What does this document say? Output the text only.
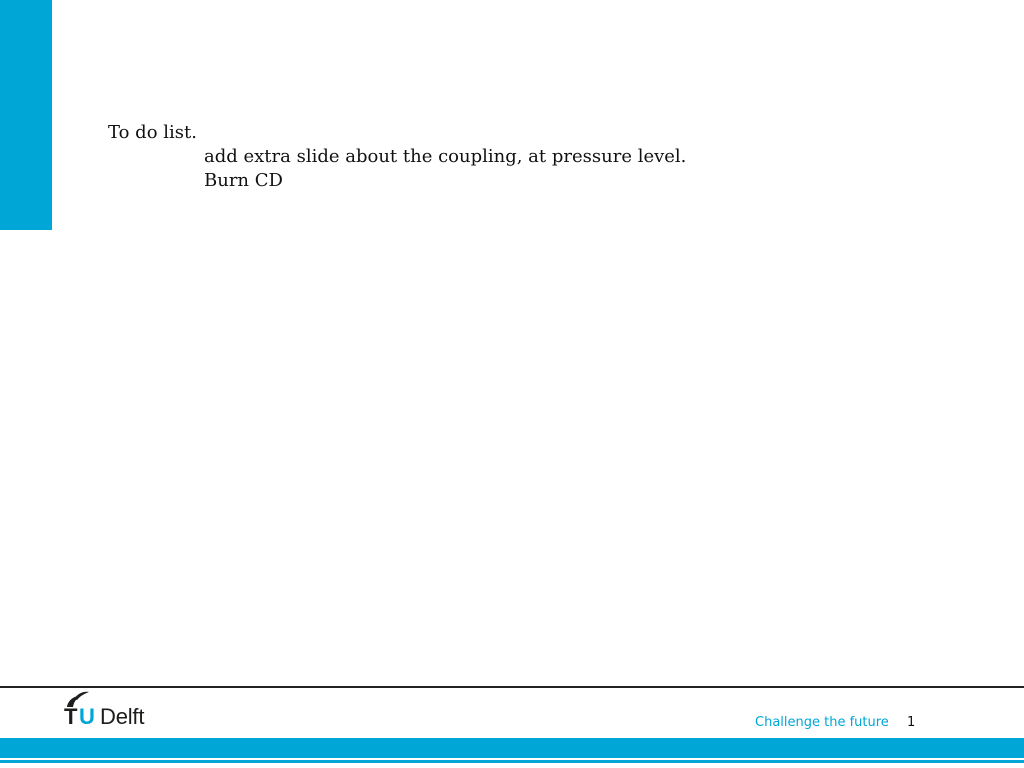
To do list.
add extra slide about the coupling, at pressure level.
Burn CD
T U Delft	Challenge the future 1
